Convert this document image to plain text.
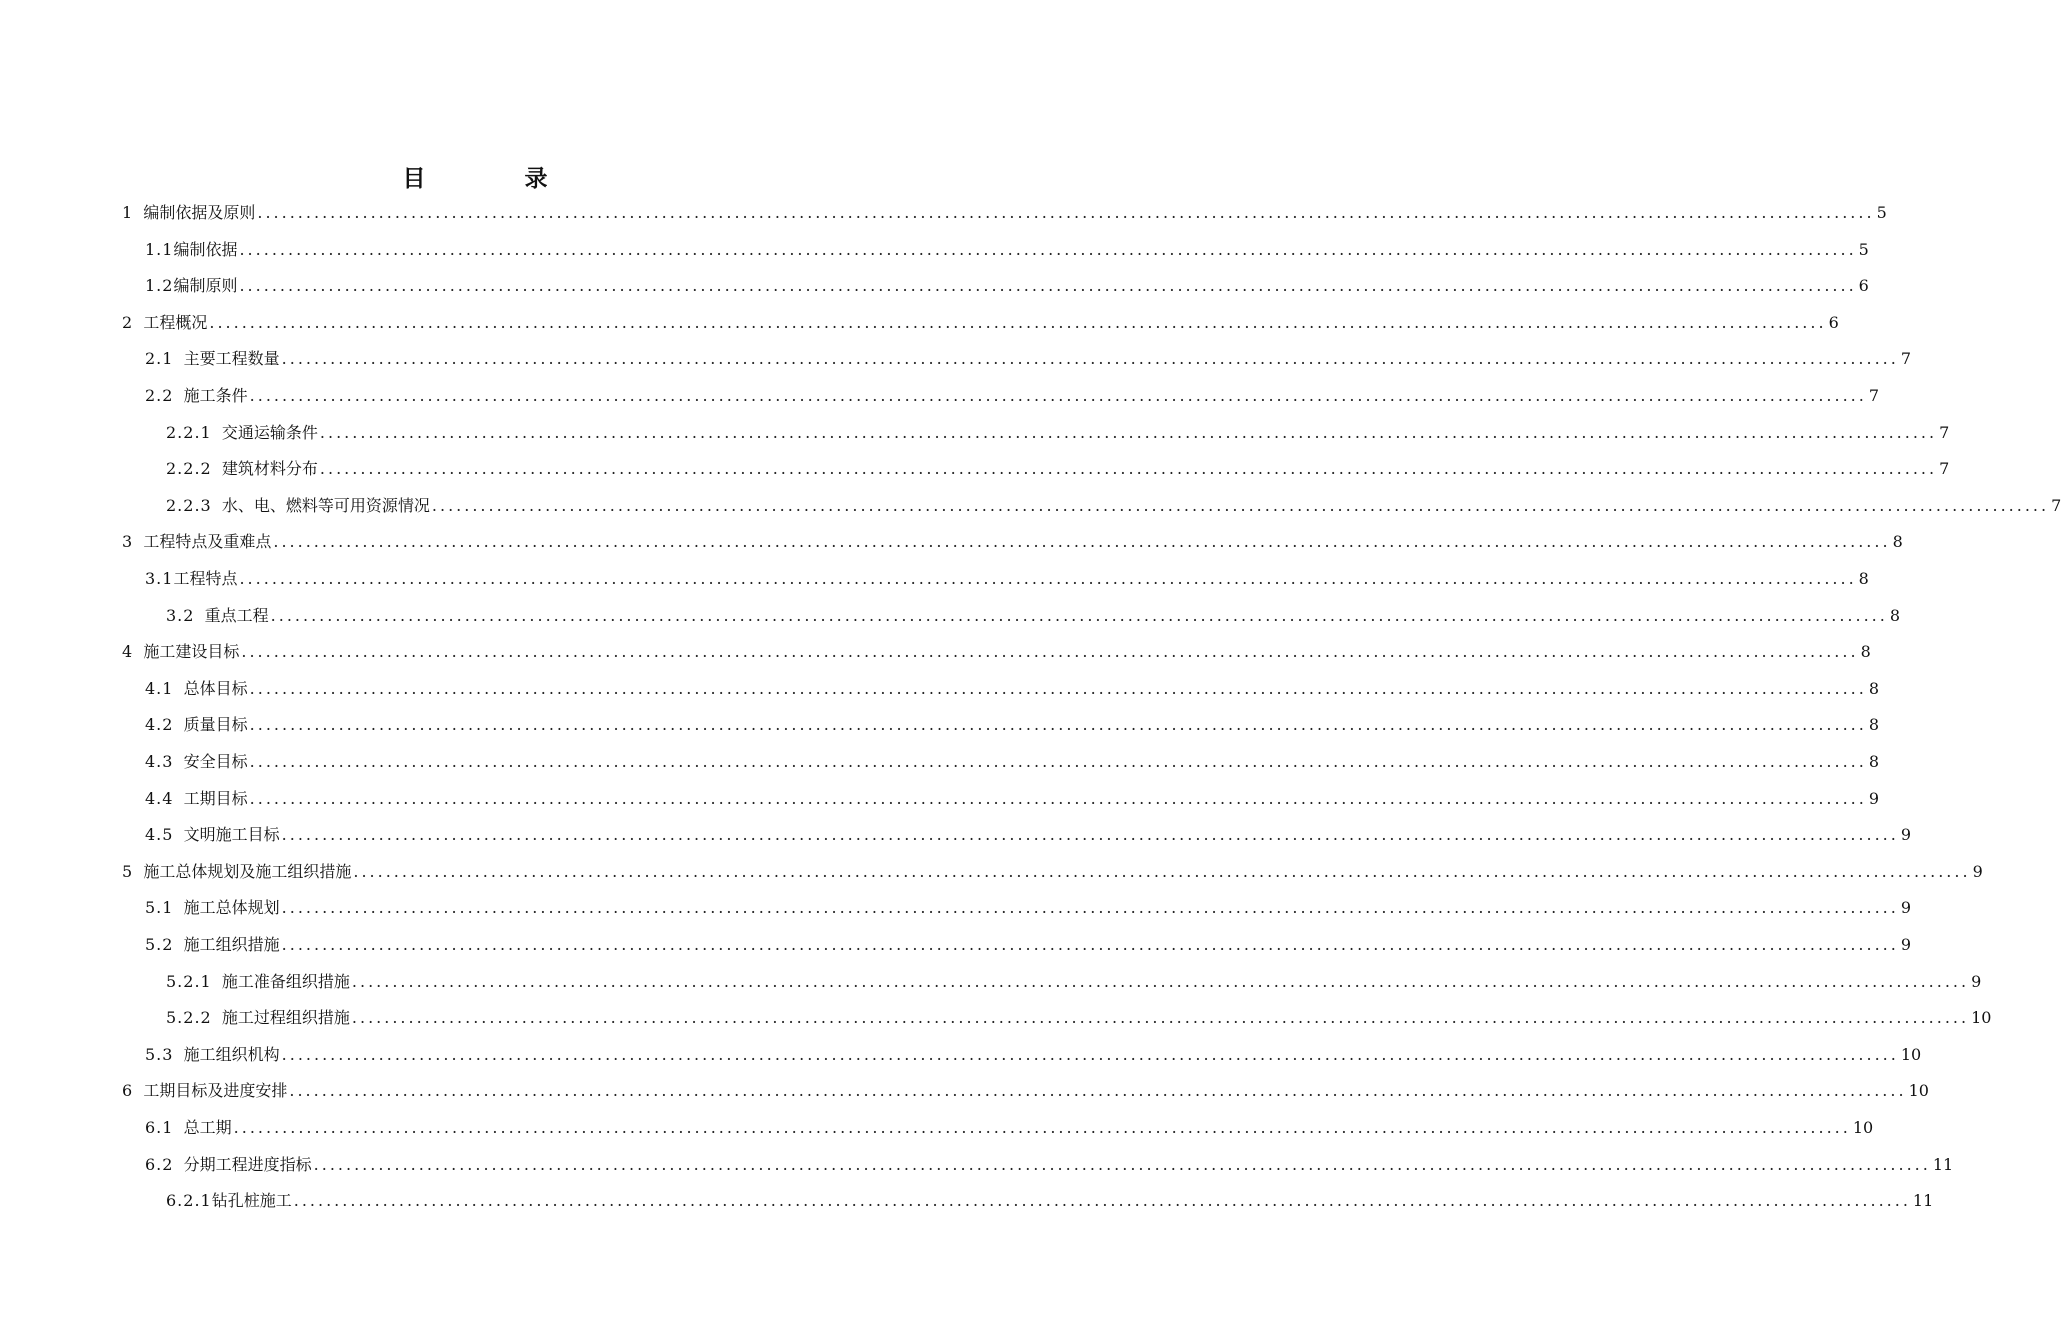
目　录
1
编制依据及原则 ........................................................................................................................................................................................................ 5
1.1 编制依据 ........................................................................................................................................................................................................ 5
1.2 编制原则 ........................................................................................................................................................................................................ 6
2
工程概况 ........................................................................................................................................................................................................ 6
2.1
主要工程数量 ........................................................................................................................................................................................................ 7
2.2
施工条件 ........................................................................................................................................................................................................ 7
2.2.1
交通运输条件 ........................................................................................................................................................................................................ 7
2.2.2
建筑材料分布 ........................................................................................................................................................................................................ 7
2.2.3
水、电、燃料等可用资源情况 ........................................................................................................................................................................................................ 7
3
工程特点及重难点 ........................................................................................................................................................................................................ 8
3.1 工程特点 ........................................................................................................................................................................................................ 8
3.2
重点工程 ........................................................................................................................................................................................................ 8
4
施工建设目标 ........................................................................................................................................................................................................ 8
4.1
总体目标 ........................................................................................................................................................................................................ 8
4.2
质量目标 ........................................................................................................................................................................................................ 8
4.3
安全目标 ........................................................................................................................................................................................................ 8
4.4
工期目标 ........................................................................................................................................................................................................ 9
4.5
文明施工目标 ........................................................................................................................................................................................................ 9
5
施工总体规划及施工组织措施 ........................................................................................................................................................................................................ 9
5.1
施工总体规划 ........................................................................................................................................................................................................ 9
5.2
施工组织措施 ........................................................................................................................................................................................................ 9
5.2.1
施工准备组织措施 ........................................................................................................................................................................................................ 9
5.2.2
施工过程组织措施 ........................................................................................................................................................................................................ 10
5.3
施工组织机构 ........................................................................................................................................................................................................ 10
6
工期目标及进度安排 ........................................................................................................................................................................................................ 10
6.1
总工期 ........................................................................................................................................................................................................ 10
6.2
分期工程进度指标 ........................................................................................................................................................................................................ 11
6.2.1 钻孔桩施工 ........................................................................................................................................................................................................ 11
